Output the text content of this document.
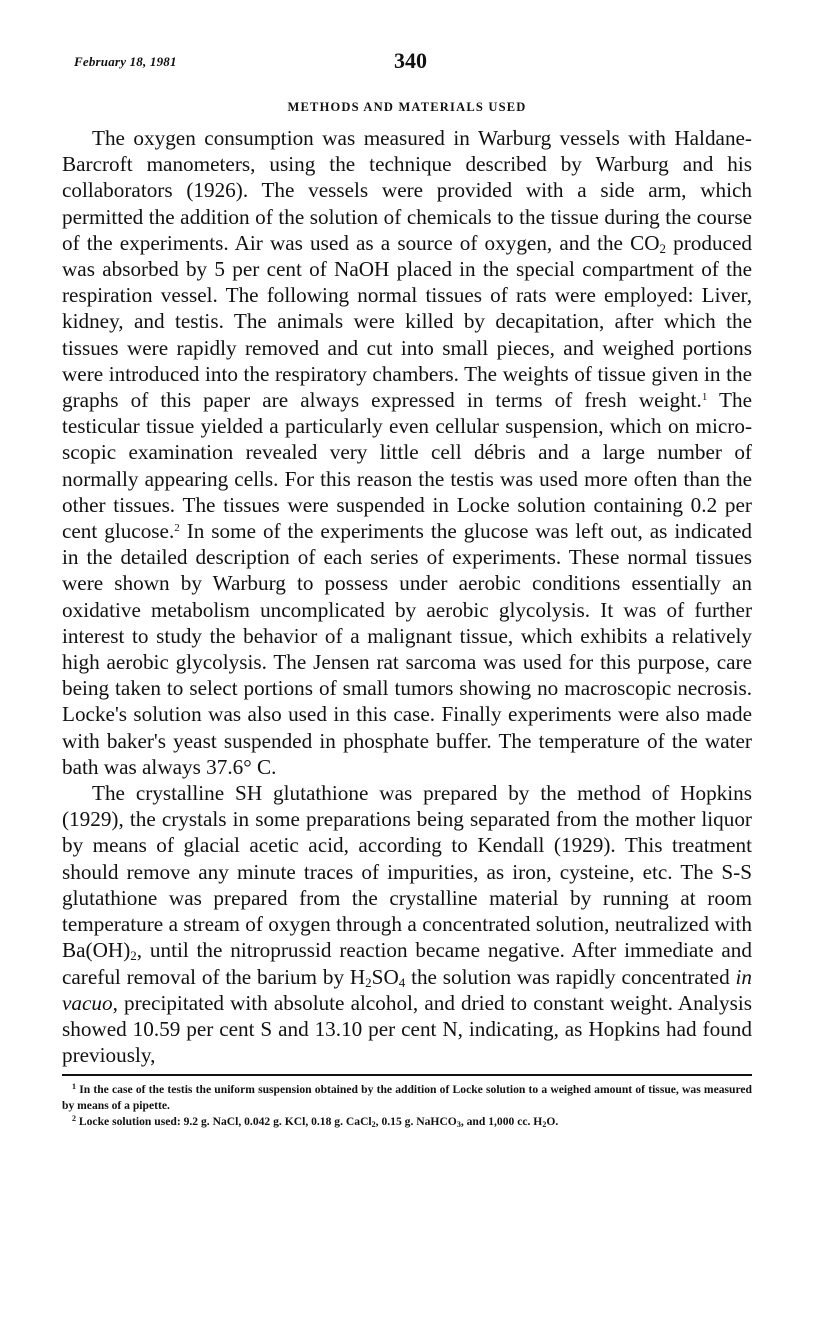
February 18, 1981	340
METHODS AND MATERIALS USED

The oxygen consumption was measured in Warburg vessels with Haldane-Barcroft manometers, using the technique described by Warburg and his collaborators (1926). The vessels were provided with a side arm, which permitted the addition of the solution of chemicals to the tissue during the course of the experiments. Air was used as a source of oxygen, and the $CO_2$ produced was absorbed by 5 per cent of NaOH placed in the special compartment of the respiration vessel. The following normal tissues of rats were employed: Liver, kidney, and testis. The animals were killed by decapitation, after which the tissues were rapidly removed and cut into small pieces, and weighed portions were introduced into the respiratory chambers. The weights of tissue given in the graphs of this paper are always expressed in terms of fresh weight.$^1$ The testicular tissue yielded a particularly even cellular suspension, which on microscopic examination revealed very little cell débris and a large number of normally appearing cells. For this reason the testis was used more often than the other tissues. The tissues were suspended in Locke solution containing 0.2 per cent glucose.$^2$ In some of the experiments the glucose was left out, as indicated in the detailed description of each series of experiments. These normal tissues were shown by Warburg to possess under aerobic conditions essentially an oxidative metabolism uncomplicated by aerobic glycolysis. It was of further interest to study the behavior of a malignant tissue, which exhibits a relatively high aerobic glycolysis. The Jensen rat sarcoma was used for this purpose, care being taken to select portions of small tumors showing no macroscopic necrosis. Locke's solution was also used in this case. Finally experiments were also made with baker's yeast suspended in phosphate buffer. The temperature of the water bath was always 37.6° C.

The crystalline SH glutathione was prepared by the method of Hopkins (1929), the crystals in some preparations being separated from the mother liquor by means of glacial acetic acid, according to Kendall (1929). This treatment should remove any minute traces of impurities, as iron, cysteine, etc. The S-S glutathione was prepared from the crystalline material by running at room temperature a stream of oxygen through a concentrated solution, neutralized with $Ba(OH)_2$, until the nitroprussid reaction became negative. After immediate and careful removal of the barium by $H_2SO_4$ the solution was rapidly concentrated in vacuo, precipitated with absolute alcohol, and dried to constant weight. Analysis showed 10.59 per cent S and 13.10 per cent N, indicating, as Hopkins had found previously,

$^1$ In the case of the testis the uniform suspension obtained by the addition of Locke solution to a weighed amount of tissue, was measured by means of a pipette.

$^2$ Locke solution used: 9.2 g. NaCl, 0.042 g. KCl, 0.18 g. CaCl$_2$, 0.15 g. NaHCO$_3$, and 1,000 cc. $H_2O$.
